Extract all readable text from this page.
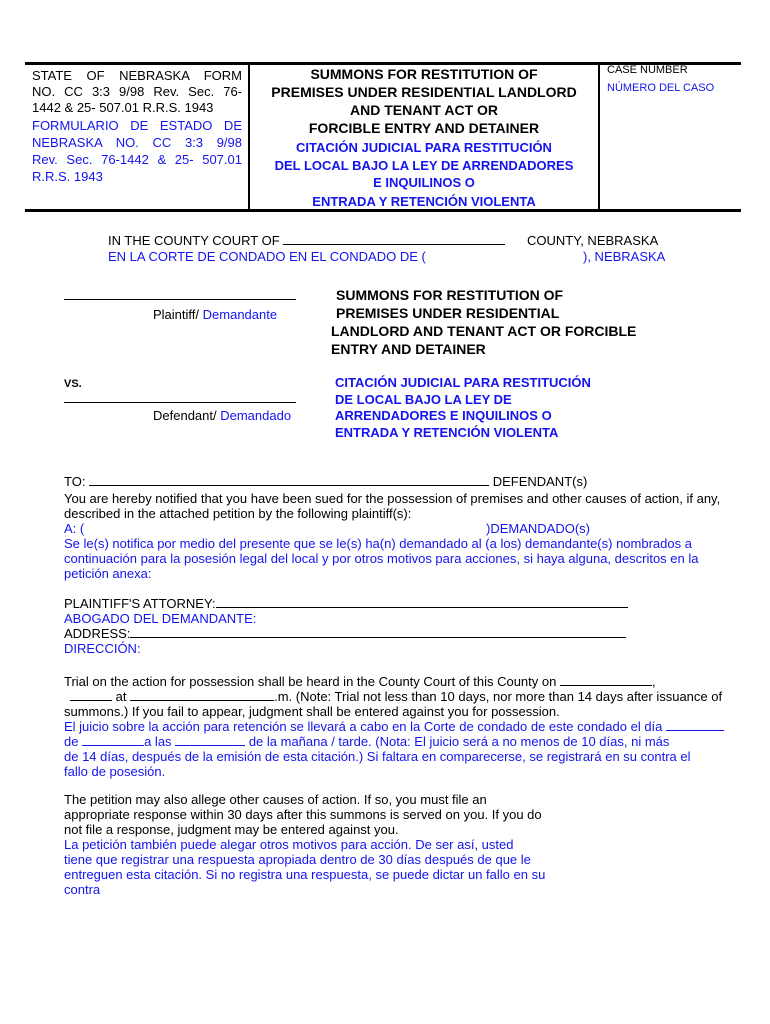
STATE OF NEBRASKA FORM
NO. CC 3:3 9/98 Rev. Sec. 76-
1442 & 25- 507.01 R.R.S. 1943
FORMULARIO DE ESTADO DE
NEBRASKA NO. CC 3:3 9/98
Rev. Sec. 76-1442 & 25- 507.01
R.R.S. 1943
SUMMONS FOR RESTITUTION OF
PREMISES UNDER RESIDENTIAL LANDLORD
AND TENANT ACT OR
FORCIBLE ENTRY AND DETAINER
CITACIÓN JUDICIAL PARA RESTITUCIÓN
DEL LOCAL BAJO LA LEY DE ARRENDADORES
E INQUILINOS O
ENTRADA Y RETENCIÓN VIOLENTA
CASE NUMBER
NÚMERO DEL CASO
IN THE COUNTY COURT OF	COUNTY, NEBRASKA
EN LA CORTE DE CONDADO EN EL CONDADO DE (	), NEBRASKA
Plaintiff/ Demandante
VS.
Defendant/ Demandado
SUMMONS FOR RESTITUTION OF
PREMISES UNDER RESIDENTIAL
LANDLORD AND TENANT ACT OR FORCIBLE
ENTRY AND DETAINER
CITACIÓN JUDICIAL PARA RESTITUCIÓN
DE LOCAL BAJO LA LEY DE
ARRENDADORES E INQUILINOS O
ENTRADA Y RETENCIÓN VIOLENTA
TO:	DEFENDANT(s)
You are hereby notified that you have been sued for the possession of premises and other causes of action, if any,
described in the attached petition by the following plaintiff(s):
A: (	)DEMANDADO(s)
Se le(s) notifica por medio del presente que se le(s) ha(n) demandado al (a los) demandante(s) nombrados a
continuación para la posesión legal del local y por otros motivos para acciones, si haya alguna, descritos en la
petición anexa:
PLAINTIFF'S ATTORNEY:
ABOGADO DEL DEMANDANTE:
ADDRESS:
DIRECCIÓN:
Trial on the action for possession shall be heard in the County Court of this County on	,
at	.m. (Note: Trial not less than 10 days, nor more than 14 days after issuance of
summons.) If you fail to appear, judgment shall be entered against you for possession.
El juicio sobre la acción para retención se llevará a cabo en la Corte de condado de este condado el día
de	a las	de la mañana / tarde. (Nota: El juicio será a no menos de 10 días, ni más
de 14 días, después de la emisión de esta citación.) Si faltara en comparecerse, se registrará en su contra el
fallo de posesión.
The petition may also allege other causes of action. If so, you must file an
appropriate response within 30 days after this summons is served on you. If you do
not file a response, judgment may be entered against you.
La petición también puede alegar otros motivos para acción. De ser así, usted
tiene que registrar una respuesta apropiada dentro de 30 días después de que le
entreguen esta citación. Si no registra una respuesta, se puede dictar un fallo en su
contra
